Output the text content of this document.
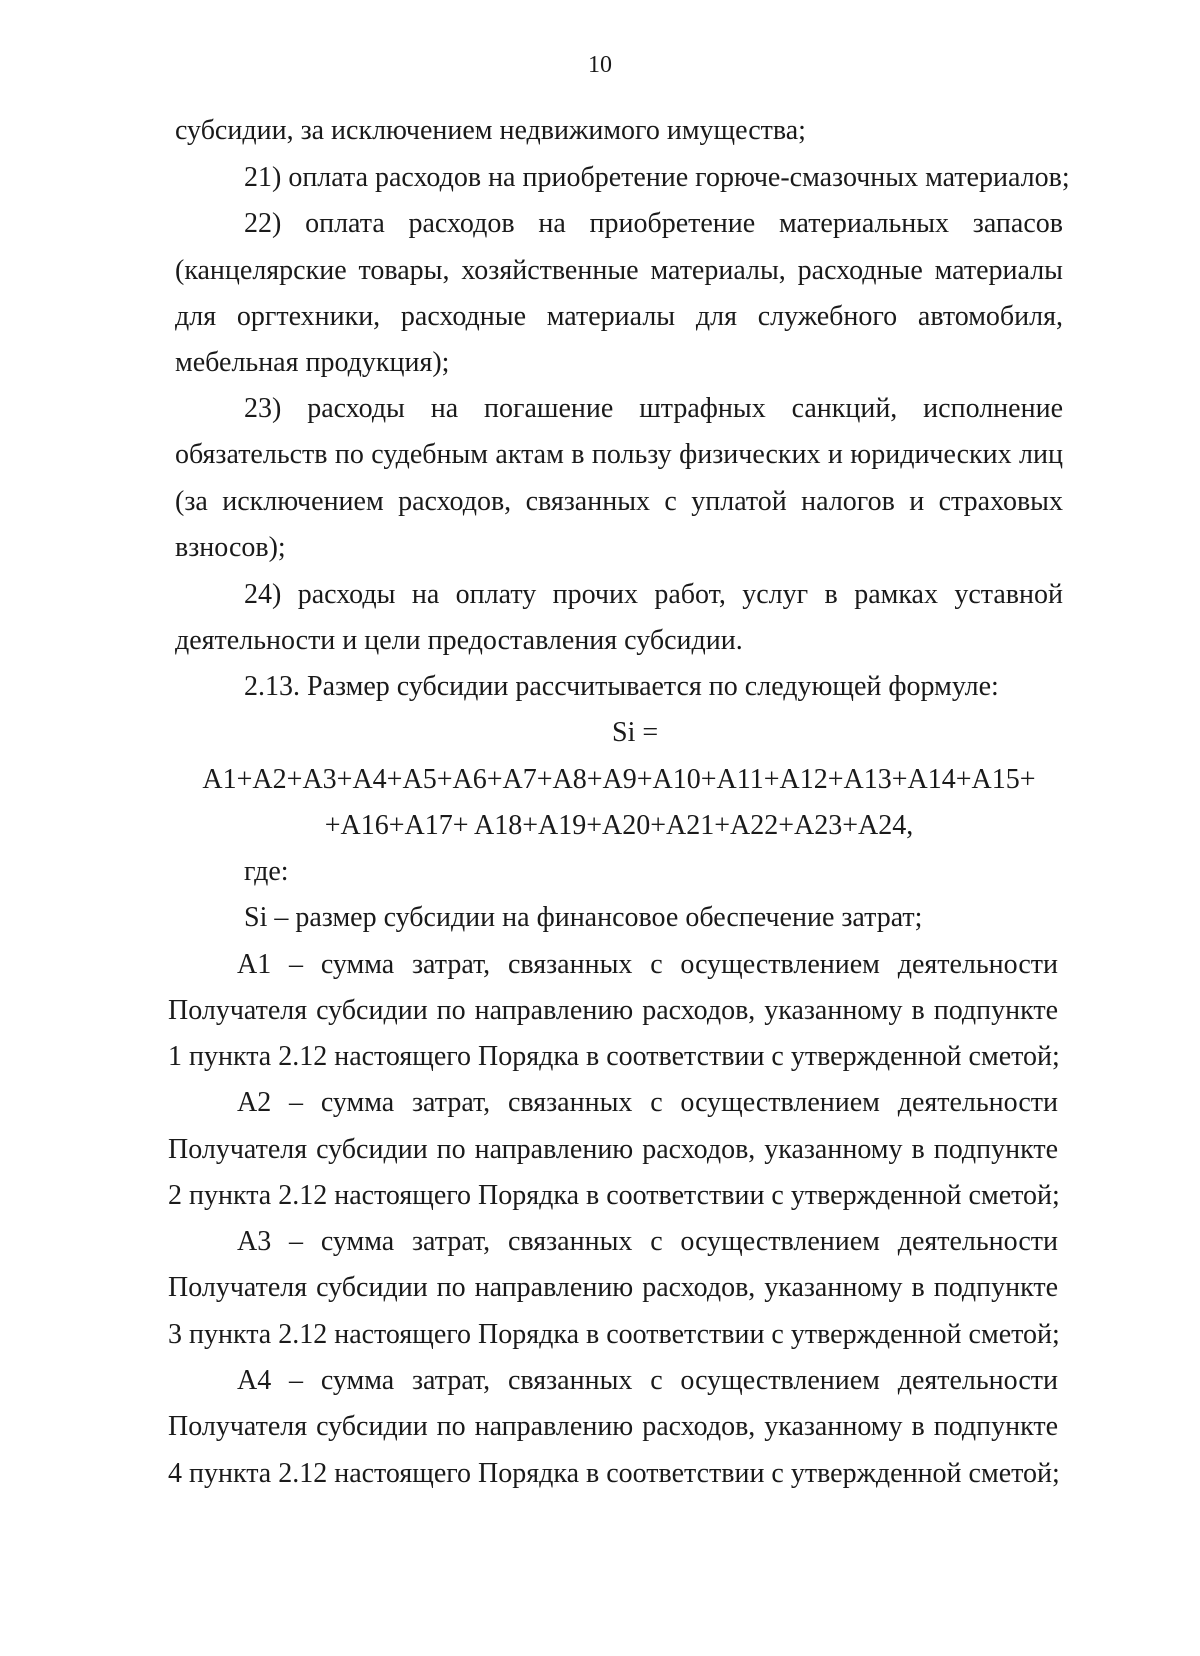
10
субсидии, за исключением недвижимого имущества;
21) оплата расходов на приобретение горюче-смазочных материалов;
22) оплата расходов на приобретение материальных запасов
(канцелярские товары, хозяйственные материалы, расходные материалы
для оргтехники, расходные материалы для служебного автомобиля,
мебельная продукция);
23) расходы на погашение штрафных санкций, исполнение
обязательств по судебным актам в пользу физических и юридических лиц
(за исключением расходов, связанных с уплатой налогов и страховых
взносов);
24) расходы на оплату прочих работ, услуг в рамках уставной
деятельности и цели предоставления субсидии.
2.13. Размер субсидии рассчитывается по следующей формуле:
Si =
A1+A2+A3+A4+A5+A6+A7+A8+A9+A10+A11+A12+A13+A14+A15+
+A16+A17+ A18+A19+A20+A21+A22+A23+A24,
где:
Si – размер субсидии на финансовое обеспечение затрат;
A1 – сумма затрат, связанных с осуществлением деятельности
Получателя субсидии по направлению расходов, указанному в подпункте
1 пункта 2.12 настоящего Порядка в соответствии с утвержденной сметой;
A2 – сумма затрат, связанных с осуществлением деятельности
Получателя субсидии по направлению расходов, указанному в подпункте
2 пункта 2.12 настоящего Порядка в соответствии с утвержденной сметой;
A3 – сумма затрат, связанных с осуществлением деятельности
Получателя субсидии по направлению расходов, указанному в подпункте
3 пункта 2.12 настоящего Порядка в соответствии с утвержденной сметой;
A4 – сумма затрат, связанных с осуществлением деятельности
Получателя субсидии по направлению расходов, указанному в подпункте
4 пункта 2.12 настоящего Порядка в соответствии с утвержденной сметой;
